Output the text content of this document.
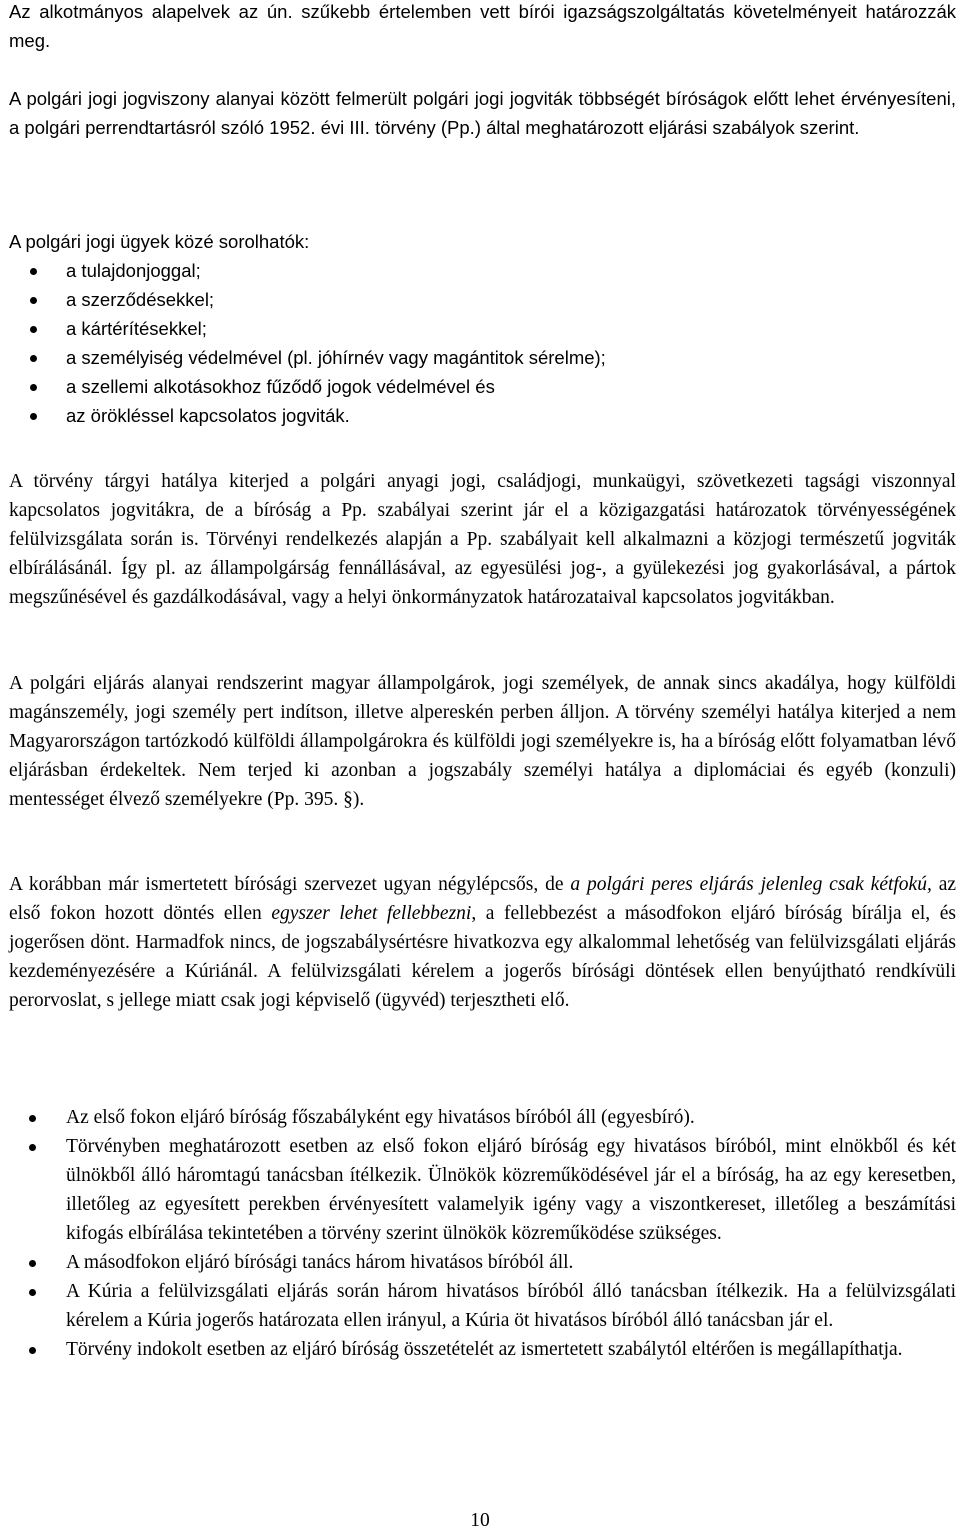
Az alkotmányos alapelvek az ún. szűkebb értelemben vett bírói igazságszolgáltatás követelményeit határozzák meg.

A polgári jogi jogviszony alanyai között felmerült polgári jogi jogviták többségét bíróságok előtt lehet érvényesíteni, a polgári perrendtartásról szóló 1952. évi III. törvény (Pp.) által meghatározott eljárási szabályok szerint.

A polgári jogi ügyek közé sorolhatók:

a tulajdonjoggal;
a szerződésekkel;
a kártérítésekkel;
a személyiség védelmével (pl. jóhírnév vagy magántitok sérelme);
a szellemi alkotásokhoz fűződő jogok védelmével és
az örökléssel kapcsolatos jogviták.

A törvény tárgyi hatálya kiterjed a polgári anyagi jogi, családjogi, munkaügyi, szövetkezeti tagsági viszonnyal kapcsolatos jogvitákra, de a bíróság a Pp. szabályai szerint jár el a közigazgatási határozatok törvényességének felülvizsgálata során is. Törvényi rendelkezés alapján a Pp. szabályait kell alkalmazni a közjogi természetű jogviták elbírálásánál. Így pl. az állampolgárság fennállásával, az egyesülési jog-, a gyülekezési jog gyakorlásával, a pártok megszűnésével és gazdálkodásával, vagy a helyi önkormányzatok határozataival kapcsolatos jogvitákban.

A polgári eljárás alanyai rendszerint magyar állampolgárok, jogi személyek, de annak sincs akadálya, hogy külföldi magánszemély, jogi személy pert indítson, illetve alpereskén perben álljon. A törvény személyi hatálya kiterjed a nem Magyarországon tartózkodó külföldi állampolgárokra és külföldi jogi személyekre is, ha a bíróság előtt folyamatban lévő eljárásban érdekeltek. Nem terjed ki azonban a jogszabály személyi hatálya a diplomáciai és egyéb (konzuli) mentességet élvező személyekre (Pp. 395. §).

A korábban már ismertetett bírósági szervezet ugyan négylépcsős, de a polgári peres eljárás jelenleg csak kétfokú, az első fokon hozott döntés ellen egyszer lehet fellebbezni, a fellebbezést a másodfokon eljáró bíróság bírálja el, és jogerősen dönt. Harmadfok nincs, de jogszabálysértésre hivatkozva egy alkalommal lehetőség van felülvizsgálati eljárás kezdeményezésére a Kúriánál. A felülvizsgálati kérelem a jogerős bírósági döntések ellen benyújtható rendkívüli perorvoslat, s jellege miatt csak jogi képviselő (ügyvéd) terjesztheti elő.

Az első fokon eljáró bíróság főszabályként egy hivatásos bíróból áll (egyesbíró).
Törvényben meghatározott esetben az első fokon eljáró bíróság egy hivatásos bíróból, mint elnökből és két ülnökből álló háromtagú tanácsban ítélkezik. Ülnökök közreműködésével jár el a bíróság, ha az egy keresetben, illetőleg az egyesített perekben érvényesített valamelyik igény vagy a viszontkereset, illetőleg a beszámítási kifogás elbírálása tekintetében a törvény szerint ülnökök közreműködése szükséges.
A másodfokon eljáró bírósági tanács három hivatásos bíróból áll.
A Kúria a felülvizsgálati eljárás során három hivatásos bíróból álló tanácsban ítélkezik. Ha a felülvizsgálati kérelem a Kúria jogerős határozata ellen irányul, a Kúria öt hivatásos bíróból álló tanácsban jár el.
Törvény indokolt esetben az eljáró bíróság összetételét az ismertetett szabálytól eltérően is megállapíthatja.
10
